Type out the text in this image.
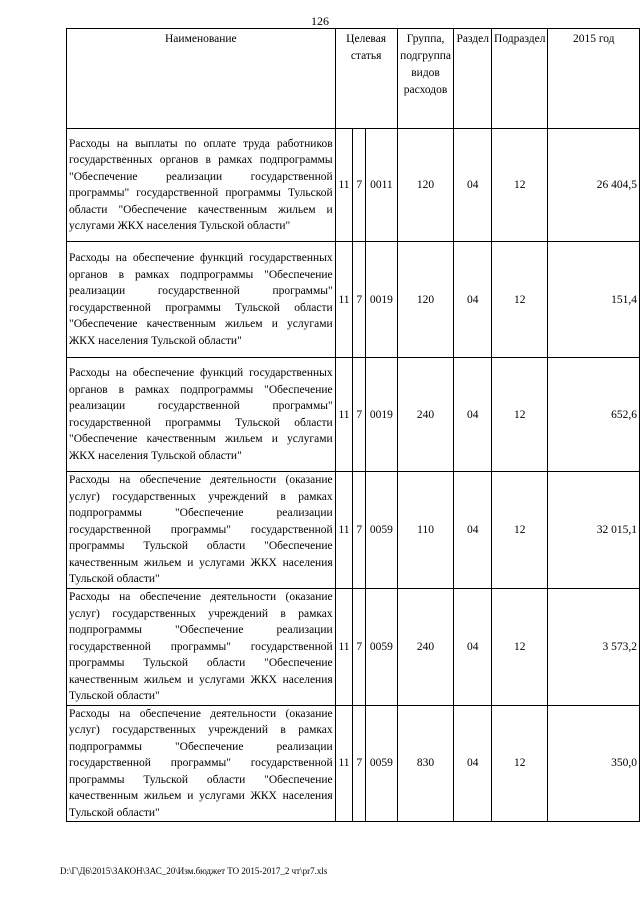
126
Наименование	Целевая статья			Группа, подгруппа видов расходов	Раздел	Подраздел	2015 год
Расходы на выплаты по оплате труда работников государственных органов в рамках подпрограммы "Обеспечение реализации государственной программы" государственной программы Тульской области "Обеспечение качественным жильем и услугами ЖКХ населения Тульской области"	11	7	0011	120	04	12	26 404,5
Расходы на обеспечение функций государственных органов в рамках подпрограммы "Обеспечение реализации государственной программы" государственной программы Тульской области "Обеспечение качественным жильем и услугами ЖКХ населения Тульской области"	11	7	0019	120	04	12	151,4
Расходы на обеспечение функций государственных органов в рамках подпрограммы "Обеспечение реализации государственной программы" государственной программы Тульской области "Обеспечение качественным жильем и услугами ЖКХ населения Тульской области"	11	7	0019	240	04	12	652,6
Расходы на обеспечение деятельности (оказание услуг) государственных учреждений в рамках подпрограммы "Обеспечение реализации государственной программы" государственной программы Тульской области "Обеспечение качественным жильем и услугами ЖКХ населения Тульской области"	11	7	0059	110	04	12	32 015,1
Расходы на обеспечение деятельности (оказание услуг) государственных учреждений в рамках подпрограммы "Обеспечение реализации государственной программы" государственной программы Тульской области "Обеспечение качественным жильем и услугами ЖКХ населения Тульской области"	11	7	0059	240	04	12	3 573,2
Расходы на обеспечение деятельности (оказание услуг) государственных учреждений в рамках подпрограммы "Обеспечение реализации государственной программы" государственной программы Тульской области "Обеспечение качественным жильем и услугами ЖКХ населения Тульской области"	11	7	0059	830	04	12	350,0
D:\Г\Д6\2015\ЗАКОН\ЗАС_20\Изм.бюджет ТО 2015-2017_2 чт\pr7.xls
